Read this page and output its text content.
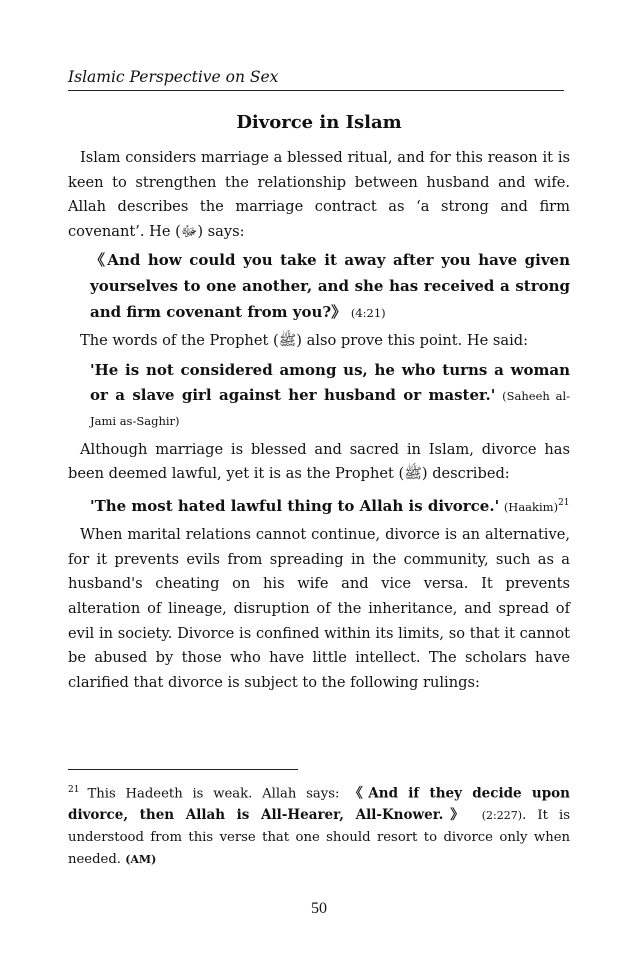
Islamic Perspective on Sex
Divorce in Islam

Islam considers marriage a blessed ritual, and for this reason it is keen to strengthen the relationship between husband and wife. Allah describes the marriage contract as ‘a strong and firm covenant’. He (ﷻ) says:

《And how could you take it away after you have given yourselves to one another, and she has received a strong and firm covenant from you?》 (4:21)

The words of the Prophet (ﷺ) also prove this point. He said:

'He is not considered among us, he who turns a woman or a slave girl against her husband or master.' (Saheeh al-Jami as-Saghir)

Although marriage is blessed and sacred in Islam, divorce has been deemed lawful, yet it is as the Prophet (ﷺ) described:

'The most hated lawful thing to Allah is divorce.' (Haakim)$^{21}$

When marital relations cannot continue, divorce is an alternative, for it prevents evils from spreading in the community, such as a husband's cheating on his wife and vice versa. It prevents alteration of lineage, disruption of the inheritance, and spread of evil in society. Divorce is confined within its limits, so that it cannot be abused by those who have little intellect. The scholars have clarified that divorce is subject to the following rulings:

$^{21}$ This Hadeeth is weak. Allah says: 《And if they decide upon divorce, then Allah is All-Hearer, All-Knower.》 (2:227). It is understood from this verse that one should resort to divorce only when needed. (AM)
50
